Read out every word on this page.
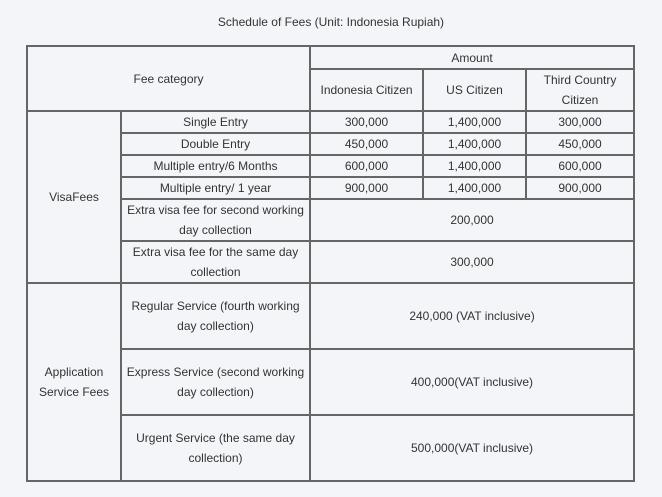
Schedule of Fees (Unit: Indonesia Rupiah)
Fee category		Amount		
		Indonesia Citizen	US Citizen	Third Country Citizen
VisaFees	Single Entry	300,000	1,400,000	300,000
	Double Entry	450,000	1,400,000	450,000
	Multiple entry/6 Months	600,000	1,400,000	600,000
	Multiple entry/ 1 year	900,000	1,400,000	900,000
	Extra visa fee for second working day collection	200,000		
	Extra visa fee for the same day collection	300,000		
Application Service Fees	Regular Service (fourth working day collection)	240,000 (VAT inclusive)		
	Express Service (second working day collection)	400,000(VAT inclusive)		
	Urgent Service (the same day collection)	500,000(VAT inclusive)		
